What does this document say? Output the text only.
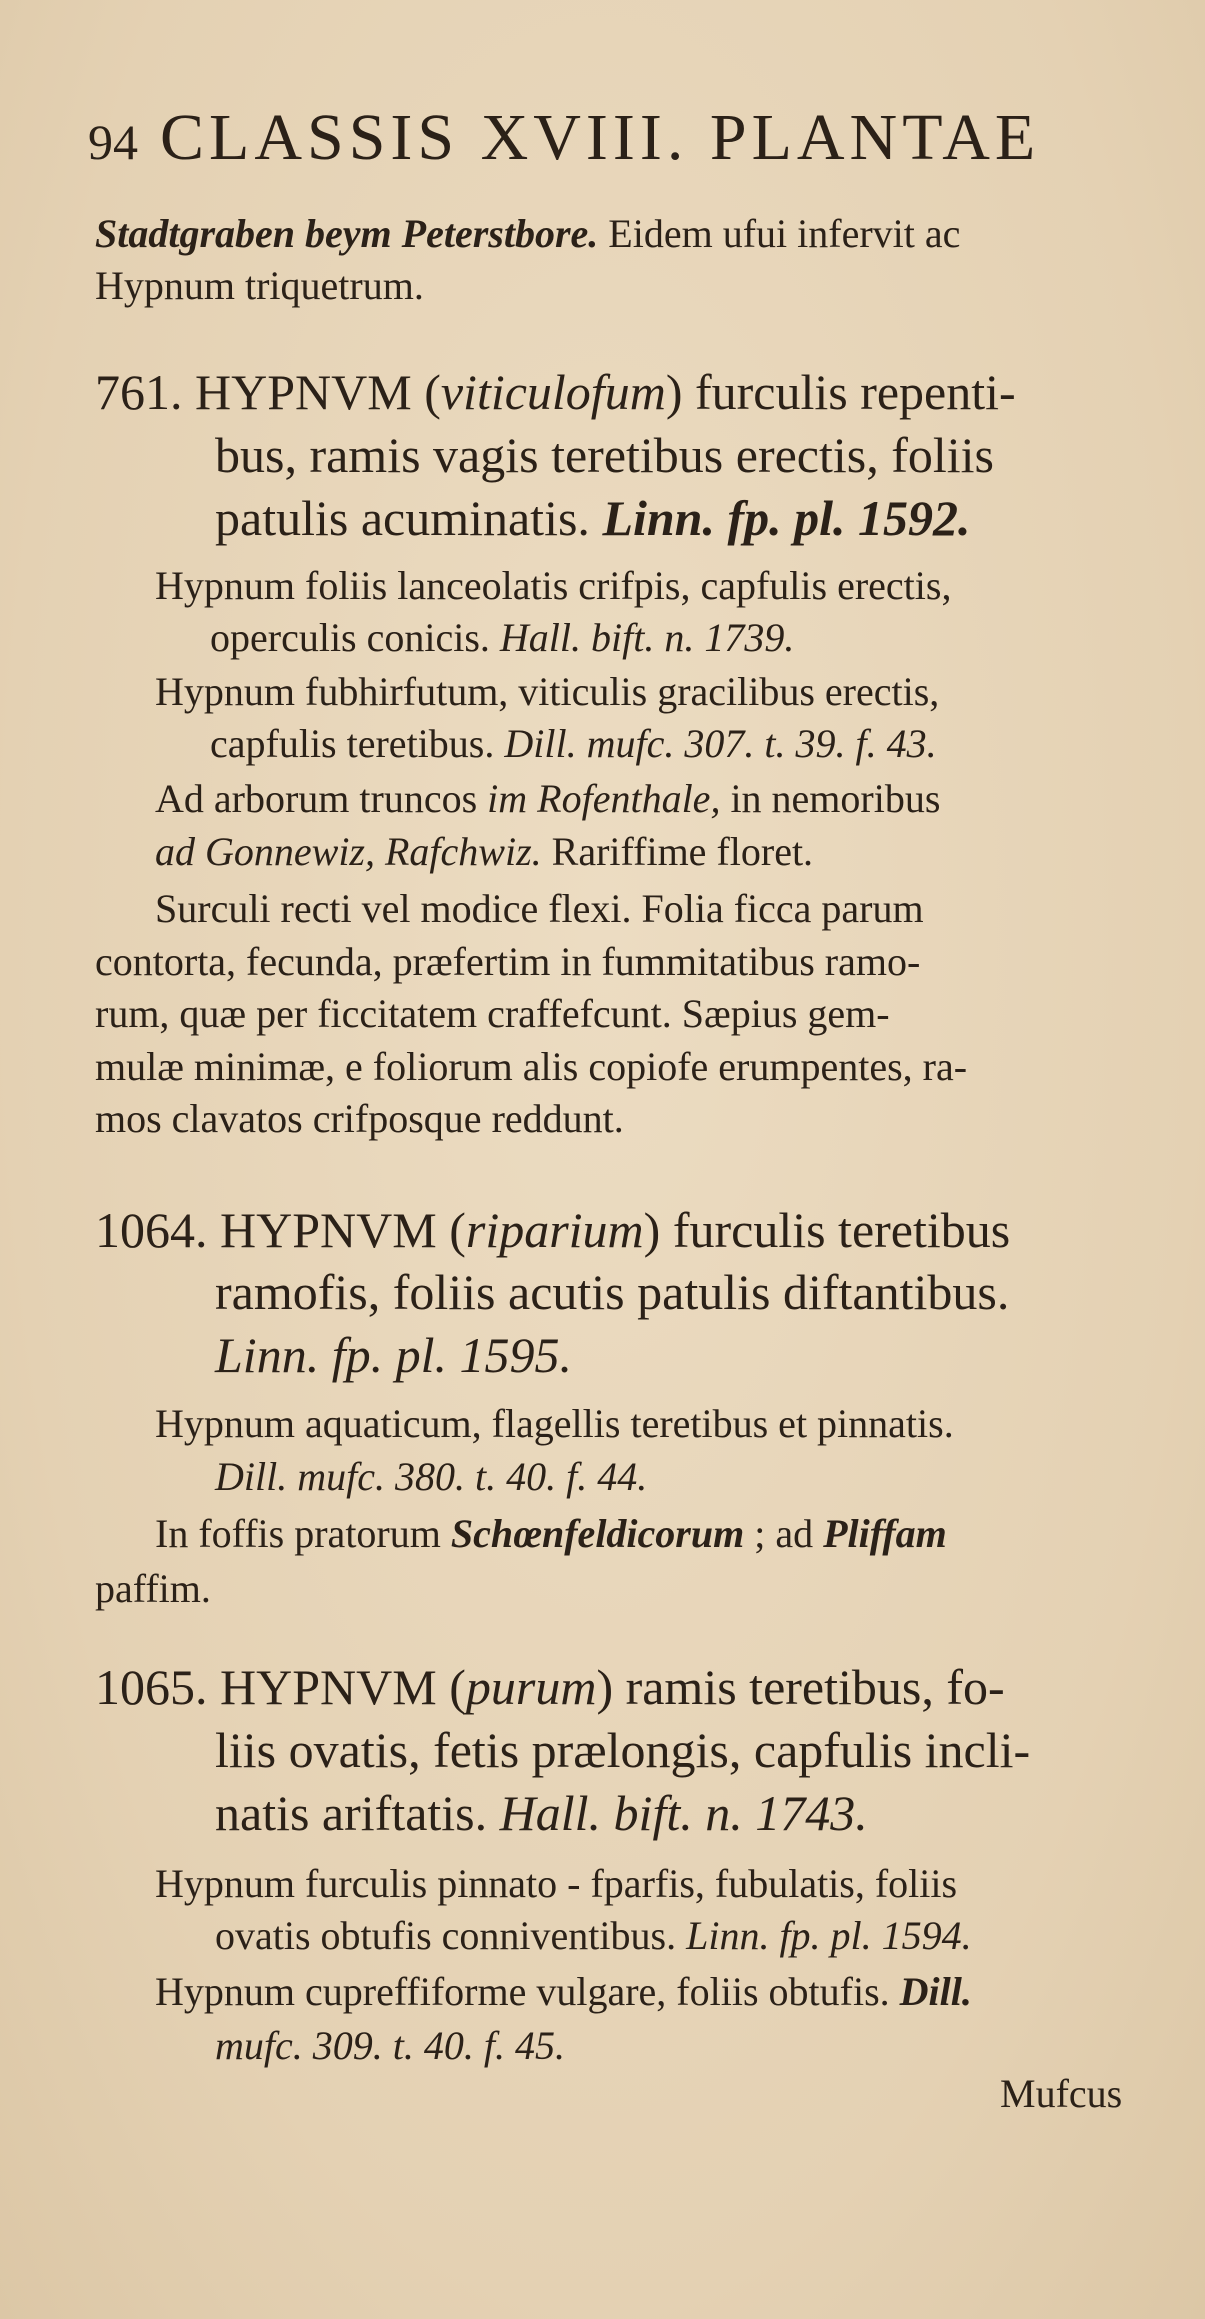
94 CLASSIS XVIII. PLANTAE
Stadtgraben beym Peterstbore. Eidem ufui infervit ac
Hypnum triquetrum.
761. HYPNVM (viticulofum) furculis repenti-
bus, ramis vagis teretibus erectis, foliis
patulis acuminatis. Linn. fp. pl. 1592.
Hypnum foliis lanceolatis crifpis, capfulis erectis,
operculis conicis. Hall. bift. n. 1739.
Hypnum fubhirfutum, viticulis gracilibus erectis,
capfulis teretibus. Dill. mufc. 307. t. 39. f. 43.
Ad arborum truncos im Rofenthale, in nemoribus
ad Gonnewiz, Rafchwiz. Rariffime floret.
Surculi recti vel modice flexi. Folia ficca parum
contorta, fecunda, præfertim in fummitatibus ramo-
rum, quæ per ficcitatem craffefcunt. Sæpius gem-
mulæ minimæ, e foliorum alis copiofe erumpentes, ra-
mos clavatos crifposque reddunt.
1064. HYPNVM (riparium) furculis teretibus
ramofis, foliis acutis patulis diftantibus.
Linn. fp. pl. 1595.
Hypnum aquaticum, flagellis teretibus et pinnatis.
Dill. mufc. 380. t. 40. f. 44.
In foffis pratorum Schœnfeldicorum ; ad Pliffam
paffim.
1065. HYPNVM (purum) ramis teretibus, fo-
liis ovatis, fetis prælongis, capfulis incli-
natis ariftatis. Hall. bift. n. 1743.
Hypnum furculis pinnato - fparfis, fubulatis, foliis
ovatis obtufis conniventibus. Linn. fp. pl. 1594.
Hypnum cupreffiforme vulgare, foliis obtufis. Dill.
mufc. 309. t. 40. f. 45.
Mufcus
